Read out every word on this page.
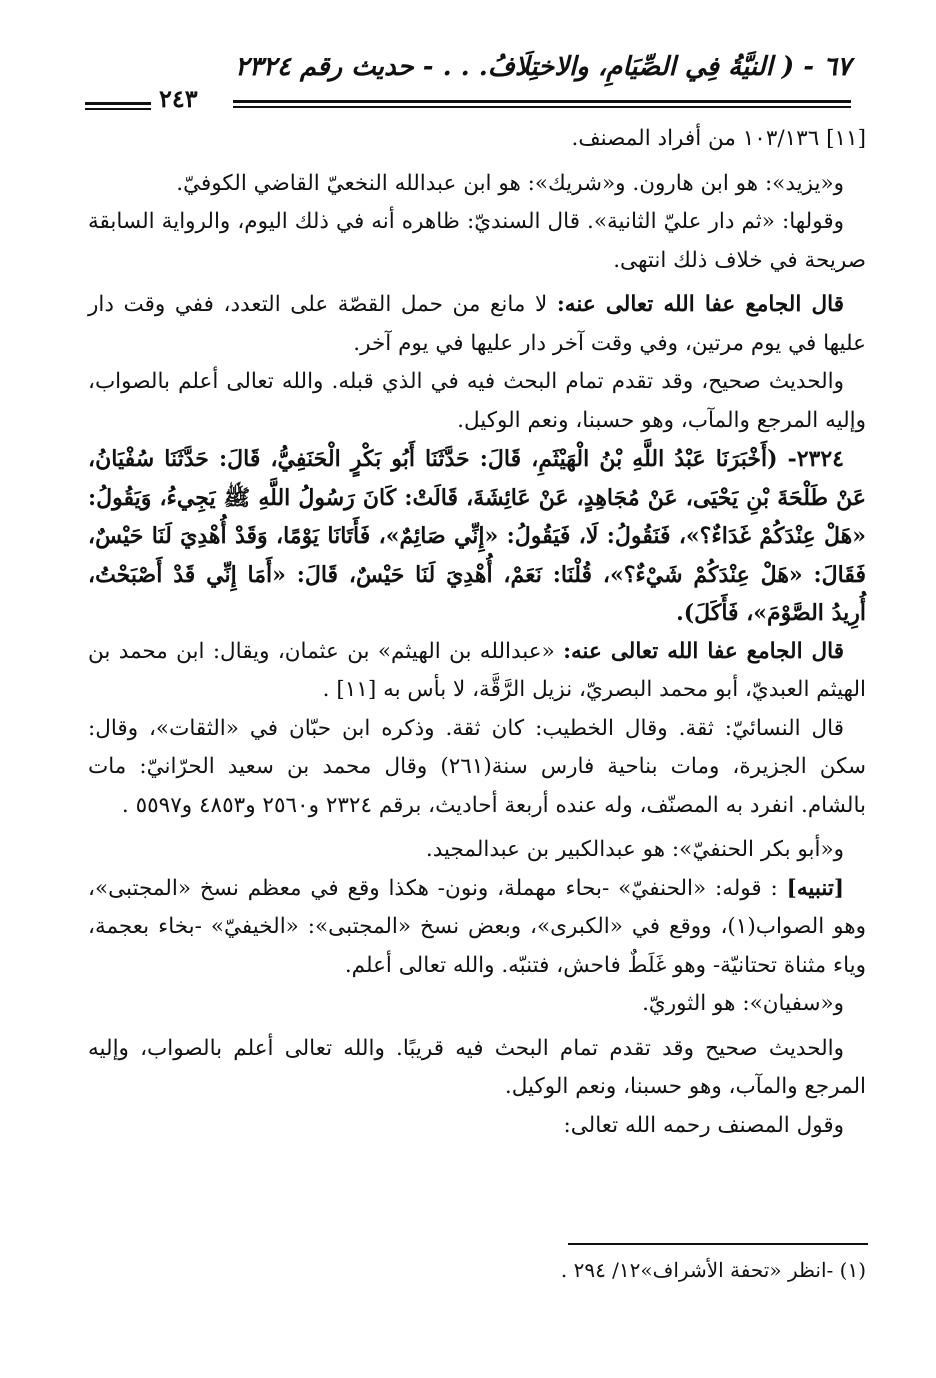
٦٧ - ( النيَّةُ فِي الصِّيَامِ، والاختِلَافُ. . . - حديث رقم ٢٣٢٤
٢٤٣

[١١] ١٠٣/١٣٦ من أفراد المصنف.

و«يزيد»: هو ابن هارون. و«شريك»: هو ابن عبدالله النخعيّ القاضي الكوفيّ.

وقولها: «ثم دار عليّ الثانية». قال السنديّ: ظاهره أنه في ذلك اليوم، والرواية السابقة صريحة في خلاف ذلك انتهى.

قال الجامع عفا الله تعالى عنه: لا مانع من حمل القصّة على التعدد، ففي وقت دار عليها في يوم مرتين، وفي وقت آخر دار عليها في يوم آخر.

والحديث صحيح، وقد تقدم تمام البحث فيه في الذي قبله. والله تعالى أعلم بالصواب، وإليه المرجع والمآب، وهو حسبنا، ونعم الوكيل.

٢٣٢٤- (أَخْبَرَنَا عَبْدُ اللَّهِ بْنُ الْهَيْثَمِ، قَالَ: حَدَّثَنَا أَبُو بَكْرٍ الْحَنَفِيُّ، قَالَ: حَدَّثَنَا سُفْيَانُ، عَنْ طَلْحَةَ بْنِ يَحْيَى، عَنْ مُجَاهِدٍ، عَنْ عَائِشَةَ، قَالَتْ: كَانَ رَسُولُ اللَّهِ ﷺ يَجِيءُ، وَيَقُولُ: «هَلْ عِنْدَكُمْ غَدَاءٌ؟»، فَنَقُولُ: لَا، فَيَقُولُ: «إِنِّي صَائِمٌ»، فَأَتَانَا يَوْمًا، وَقَدْ أُهْدِيَ لَنَا حَيْسٌ، فَقَالَ: «هَلْ عِنْدَكُمْ شَيْءٌ؟»، قُلْنَا: نَعَمْ، أُهْدِيَ لَنَا حَيْسٌ، قَالَ: «أَمَا إِنِّي قَدْ أَصْبَحْتُ، أُرِيدُ الصَّوْمَ»، فَأَكَلَ).

قال الجامع عفا الله تعالى عنه: «عبدالله بن الهيثم» بن عثمان، ويقال: ابن محمد بن الهيثم العبديّ، أبو محمد البصريّ، نزيل الرَّقَّة، لا بأس به [١١] .

قال النسائيّ: ثقة. وقال الخطيب: كان ثقة. وذكره ابن حبّان في «الثقات»، وقال: سكن الجزيرة، ومات بناحية فارس سنة(٢٦١) وقال محمد بن سعيد الحرّانيّ: مات بالشام. انفرد به المصنّف، وله عنده أربعة أحاديث، برقم ٢٣٢٤ و٢٥٦٠ و٤٨٥٣ و٥٥٩٧ .

و«أبو بكر الحنفيّ»: هو عبدالكبير بن عبدالمجيد.

[تنبيه] : قوله: «الحنفيّ» -بحاء مهملة، ونون- هكذا وقع في معظم نسخ «المجتبى»، وهو الصواب(١)، ووقع في «الكبرى»، وبعض نسخ «المجتبى»: «الخيفيّ» -بخاء بعجمة، وياء مثناة تحتانيّة- وهو غَلَطٌ فاحش، فتنبّه. والله تعالى أعلم.

و«سفيان»: هو الثوريّ.

والحديث صحيح وقد تقدم تمام البحث فيه قريبًا. والله تعالى أعلم بالصواب، وإليه المرجع والمآب، وهو حسبنا، ونعم الوكيل.

وقول المصنف رحمه الله تعالى:

(١) -انظر «تحفة الأشراف»١٢/ ٢٩٤ .
